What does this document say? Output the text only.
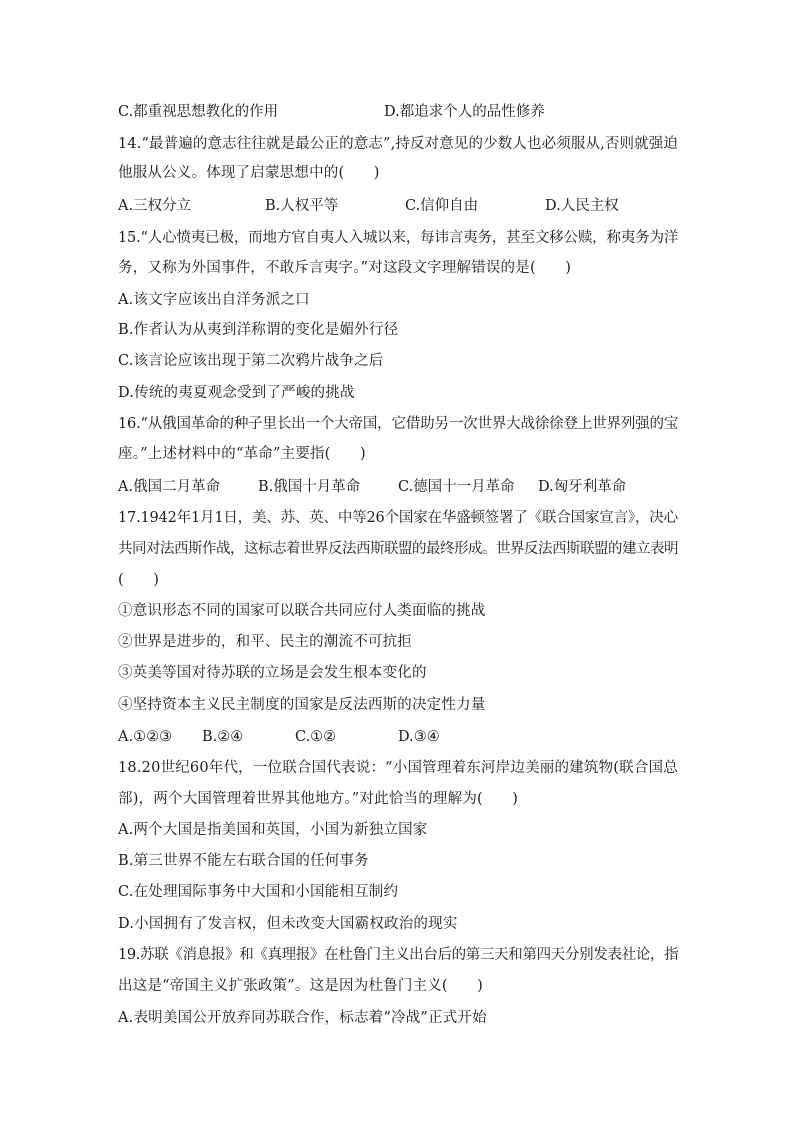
C.都重视思想教化的作用	D.都追求个人的品性修养
14.“最普遍的意志往往就是最公正的意志”,持反对意见的少数人也必须服从,否则就强迫
他服从公义。体现了启蒙思想中的(　　)
A.三权分立	B.人权平等	C.信仰自由	D.人民主权
15.“人心愤夷已极，而地方官自夷人入城以来，每讳言夷务，甚至文移公赎，称夷务为洋
务，又称为外国事件，不敢斥言夷字。”对这段文字理解错误的是(　　)
A.该文字应该出自洋务派之口
B.作者认为从夷到洋称谓的变化是媚外行径
C.该言论应该出现于第二次鸦片战争之后
D.传统的夷夏观念受到了严峻的挑战
16.“从俄国革命的种子里长出一个大帝国，它借助另一次世界大战徐徐登上世界列强的宝
座。”上述材料中的“革命”主要指(　　)
A.俄国二月革命	B.俄国十月革命	C.德国十一月革命 D.匈牙利革命
17.1942年1月1日，美、苏、英、中等26个国家在华盛顿签署了《联合国家宣言》，决心
共同对法西斯作战，这标志着世界反法西斯联盟的最终形成。世界反法西斯联盟的建立表明
(　　)
①意识形态不同的国家可以联合共同应付人类面临的挑战
②世界是进步的，和平、民主的潮流不可抗拒
③英美等国对待苏联的立场是会发生根本变化的
④坚持资本主义民主制度的国家是反法西斯的决定性力量
A.①②③ B.②④	C.①②	D.③④
18.20世纪60年代，一位联合国代表说：“小国管理着东河岸边美丽的建筑物(联合国总
部)，两个大国管理着世界其他地方。”对此恰当的理解为(　　)
A.两个大国是指美国和英国，小国为新独立国家
B.第三世界不能左右联合国的任何事务
C.在处理国际事务中大国和小国能相互制约
D.小国拥有了发言权，但未改变大国霸权政治的现实
19.苏联《消息报》和《真理报》在杜鲁门主义出台后的第三天和第四天分别发表社论，指
出这是“帝国主义扩张政策”。这是因为杜鲁门主义(　　)
A.表明美国公开放弃同苏联合作，标志着“冷战”正式开始
